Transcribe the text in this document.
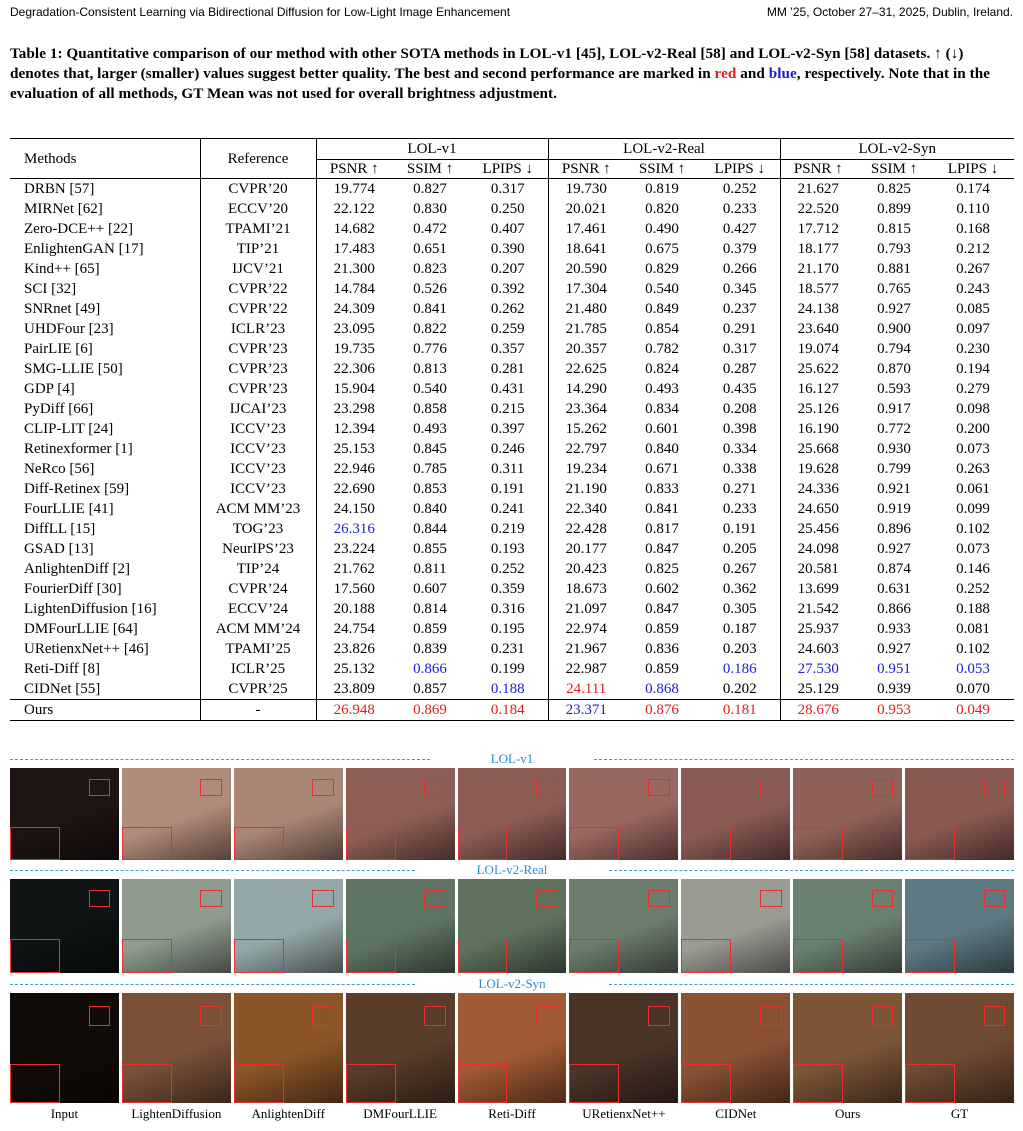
Degradation-Consistent Learning via Bidirectional Diffusion for Low-Light Image Enhancement	MM ’25, October 27–31, 2025, Dublin, Ireland.
Table 1: Quantitative comparison of our method with other SOTA methods in LOL-v1 [45], LOL-v2-Real [58] and LOL-v2-Syn [58] datasets. ↑ (↓) denotes that, larger (smaller) values suggest better quality. The best and second performance are marked in red and blue, respectively. Note that in the evaluation of all methods, GT Mean was not used for overall brightness adjustment.
Methods	Reference	LOL-v1			LOL-v2-Real			LOL-v2-Syn		
		PSNR ↑	SSIM ↑	LPIPS ↓	PSNR ↑	SSIM ↑	LPIPS ↓	PSNR ↑	SSIM ↑	LPIPS ↓
DRBN [57]	CVPR’20	19.774	0.827	0.317	19.730	0.819	0.252	21.627	0.825	0.174
MIRNet [62]	ECCV’20	22.122	0.830	0.250	20.021	0.820	0.233	22.520	0.899	0.110
Zero-DCE++ [22]	TPAMI’21	14.682	0.472	0.407	17.461	0.490	0.427	17.712	0.815	0.168
EnlightenGAN [17]	TIP’21	17.483	0.651	0.390	18.641	0.675	0.379	18.177	0.793	0.212
Kind++ [65]	IJCV’21	21.300	0.823	0.207	20.590	0.829	0.266	21.170	0.881	0.267
SCI [32]	CVPR’22	14.784	0.526	0.392	17.304	0.540	0.345	18.577	0.765	0.243
SNRnet [49]	CVPR’22	24.309	0.841	0.262	21.480	0.849	0.237	24.138	0.927	0.085
UHDFour [23]	ICLR’23	23.095	0.822	0.259	21.785	0.854	0.291	23.640	0.900	0.097
PairLIE [6]	CVPR’23	19.735	0.776	0.357	20.357	0.782	0.317	19.074	0.794	0.230
SMG-LLIE [50]	CVPR’23	22.306	0.813	0.281	22.625	0.824	0.287	25.622	0.870	0.194
GDP [4]	CVPR’23	15.904	0.540	0.431	14.290	0.493	0.435	16.127	0.593	0.279
PyDiff [66]	IJCAI’23	23.298	0.858	0.215	23.364	0.834	0.208	25.126	0.917	0.098
CLIP-LIT [24]	ICCV’23	12.394	0.493	0.397	15.262	0.601	0.398	16.190	0.772	0.200
Retinexformer [1]	ICCV’23	25.153	0.845	0.246	22.797	0.840	0.334	25.668	0.930	0.073
NeRco [56]	ICCV’23	22.946	0.785	0.311	19.234	0.671	0.338	19.628	0.799	0.263
Diff-Retinex [59]	ICCV’23	22.690	0.853	0.191	21.190	0.833	0.271	24.336	0.921	0.061
FourLLIE [41]	ACM MM’23	24.150	0.840	0.241	22.340	0.841	0.233	24.650	0.919	0.099
DiffLL [15]	TOG’23	26.316	0.844	0.219	22.428	0.817	0.191	25.456	0.896	0.102
GSAD [13]	NeurIPS’23	23.224	0.855	0.193	20.177	0.847	0.205	24.098	0.927	0.073
AnlightenDiff [2]	TIP’24	21.762	0.811	0.252	20.423	0.825	0.267	20.581	0.874	0.146
FourierDiff [30]	CVPR’24	17.560	0.607	0.359	18.673	0.602	0.362	13.699	0.631	0.252
LightenDiffusion [16]	ECCV’24	20.188	0.814	0.316	21.097	0.847	0.305	21.542	0.866	0.188
DMFourLLIE [64]	ACM MM’24	24.754	0.859	0.195	22.974	0.859	0.187	25.937	0.933	0.081
URetienxNet++ [46]	TPAMI’25	23.826	0.839	0.231	21.967	0.836	0.203	24.603	0.927	0.102
Reti-Diff [8]	ICLR’25	25.132	0.866	0.199	22.987	0.859	0.186	27.530	0.951	0.053
CIDNet [55]	CVPR’25	23.809	0.857	0.188	24.111	0.868	0.202	25.129	0.939	0.070
Ours	-	26.948	0.869	0.184	23.371	0.876	0.181	28.676	0.953	0.049
LOL-v1
LOL-v2-Real
LOL-v2-Syn
Input	LightenDiffusion	AnlightenDiff	DMFourLLIE	Reti-Diff	URetienxNet++	CIDNet	Ours	GT
